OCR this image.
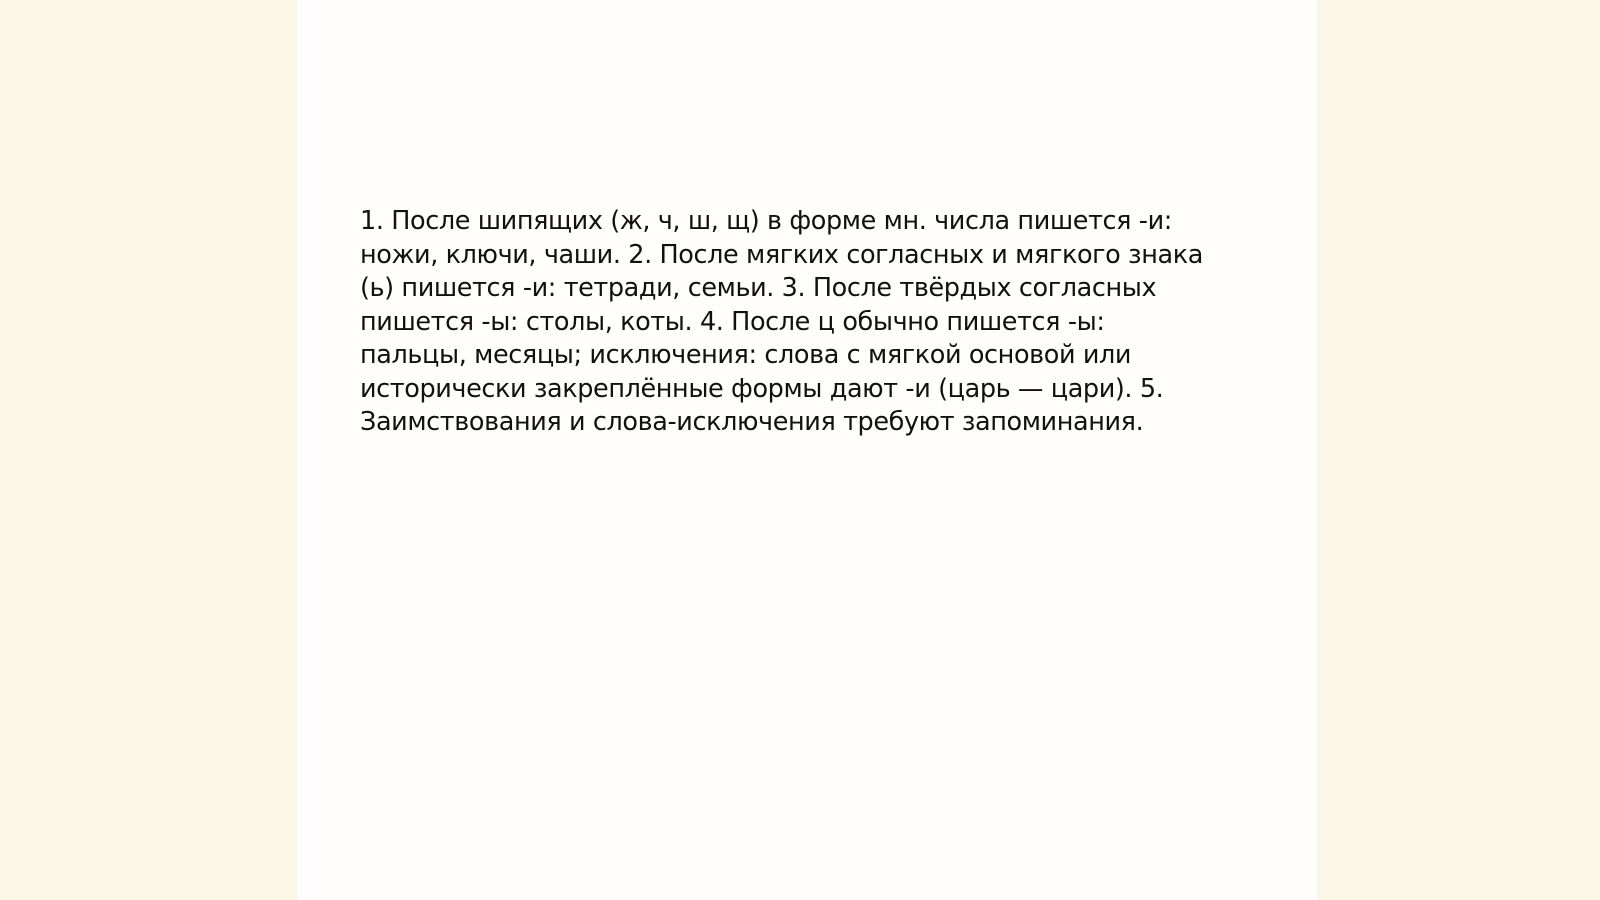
1. После шипящих (ж, ч, ш, щ) в форме мн. числа пишется -и:
ножи, ключи, чаши. 2. После мягких согласных и мягкого знака
(ь) пишется -и: тетради, семьи. 3. После твёрдых согласных
пишется -ы: столы, коты. 4. После ц обычно пишется -ы:
пальцы, месяцы; исключения: слова с мягкой основой или
исторически закреплённые формы дают -и (царь — цари). 5.
Заимствования и слова-исключения требуют запоминания.
